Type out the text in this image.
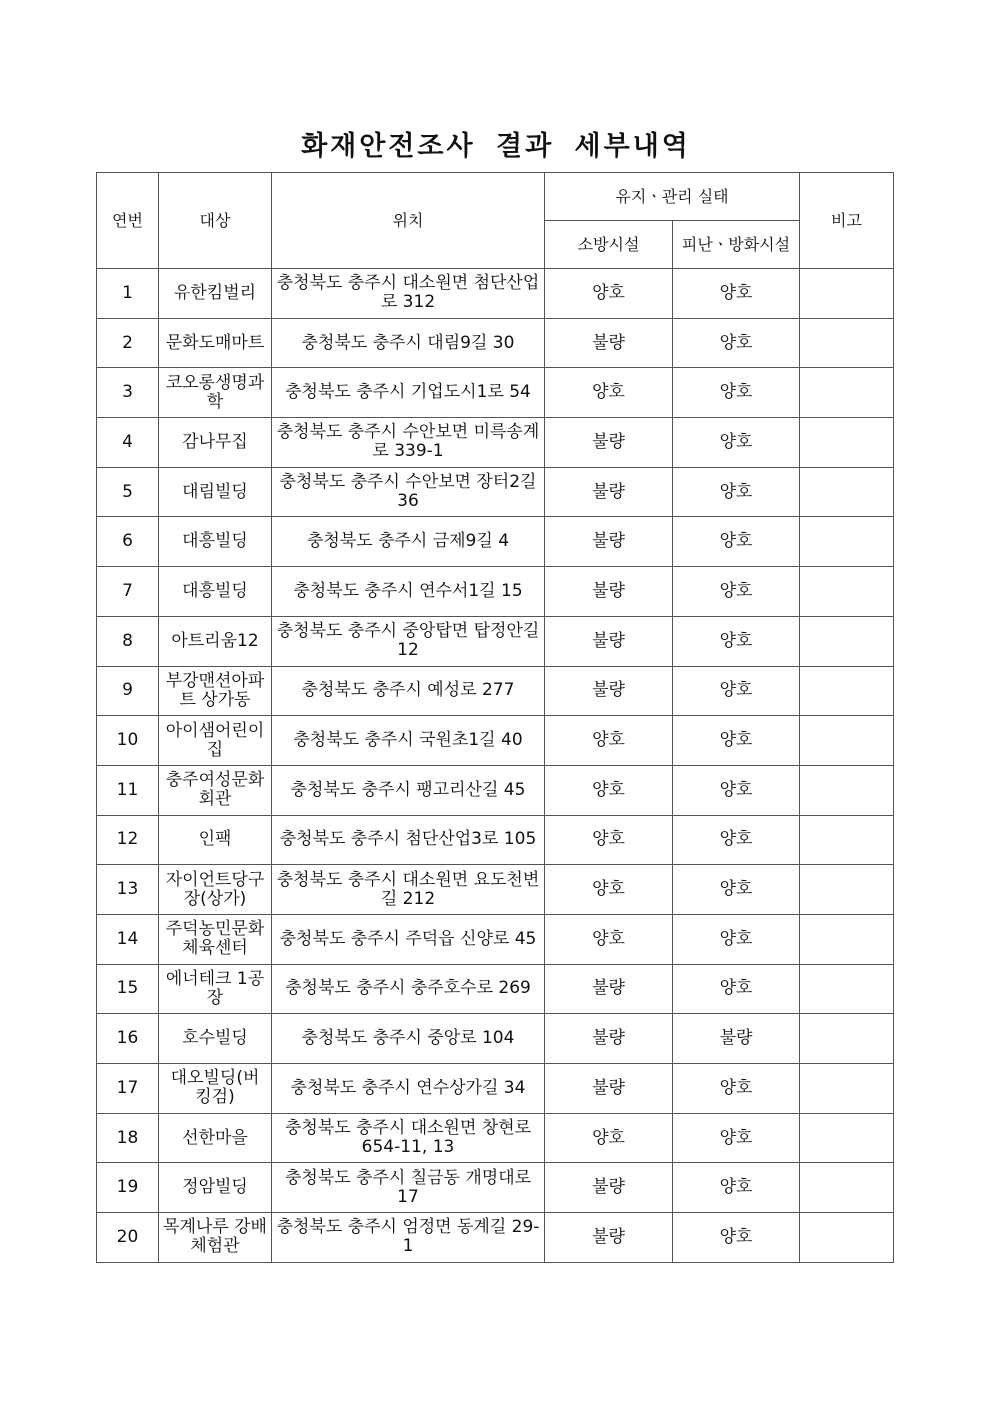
화재안전조사 결과 세부내역
연번	대상	위치	유지ㆍ관리 실태		비고
			소방시설	피난ㆍ방화시설	
1	유한킴벌리	충청북도 충주시 대소원면 첨단산업로 312	양호	양호	
2	문화도매마트	충청북도 충주시 대림9길 30	불량	양호	
3	코오롱생명과학	충청북도 충주시 기업도시1로 54	양호	양호	
4	감나무집	충청북도 충주시 수안보면 미륵송계로 339-1	불량	양호	
5	대림빌딩	충청북도 충주시 수안보면 장터2길 36	불량	양호	
6	대흥빌딩	충청북도 충주시 금제9길 4	불량	양호	
7	대흥빌딩	충청북도 충주시 연수서1길 15	불량	양호	
8	아트리움12	충청북도 충주시 중앙탑면 탑정안길 12	불량	양호	
9	부강맨션아파트 상가동	충청북도 충주시 예성로 277	불량	양호	
10	아이샘어린이집	충청북도 충주시 국원초1길 40	양호	양호	
11	충주여성문화회관	충청북도 충주시 팽고리산길 45	양호	양호	
12	인팩	충청북도 충주시 첨단산업3로 105	양호	양호	
13	자이언트당구장(상가)	충청북도 충주시 대소원면 요도천변길 212	양호	양호	
14	주덕농민문화체육센터	충청북도 충주시 주덕읍 신양로 45	양호	양호	
15	에너테크 1공장	충청북도 충주시 충주호수로 269	불량	양호	
16	호수빌딩	충청북도 충주시 중앙로 104	불량	불량	
17	대오빌딩(버킹검)	충청북도 충주시 연수상가길 34	불량	양호	
18	선한마을	충청북도 충주시 대소원면 창현로 654-11, 13	양호	양호	
19	정암빌딩	충청북도 충주시 칠금동 개명대로 17	불량	양호	
20	목계나루 강배체험관	충청북도 충주시 엄정면 동계길 29-1	불량	양호	
